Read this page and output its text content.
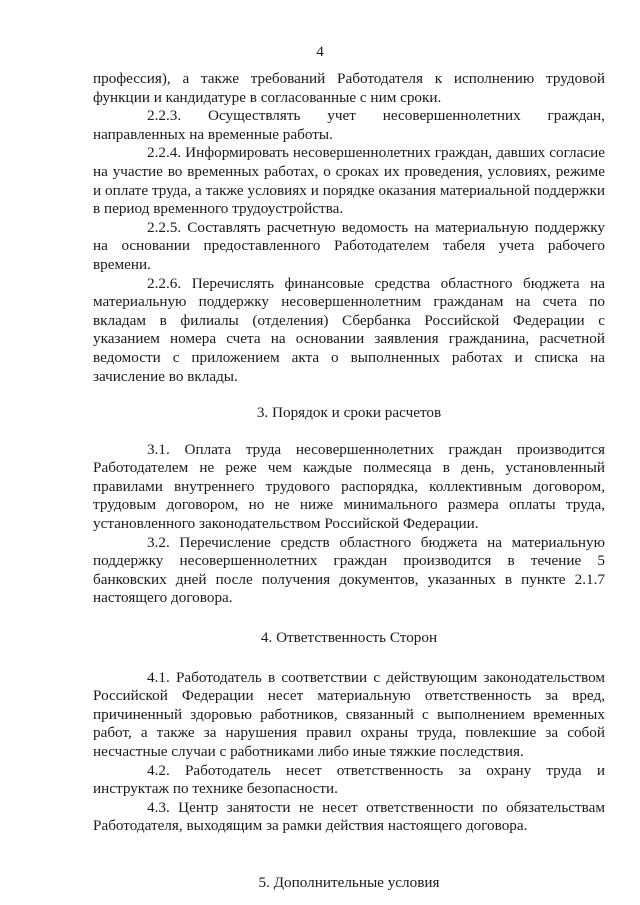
4

профессия), а также требований Работодателя к исполнению трудовой функции и кандидатуре в согласованные с ним сроки.

2.2.3. Осуществлять учет несовершеннолетних граждан,

направленных на временные работы.

2.2.4. Информировать несовершеннолетних граждан, давших согласие на участие во временных работах, о сроках их проведения, условиях, режиме и оплате труда, а также условиях и порядке оказания материальной поддержки в период временного трудоустройства.

2.2.5. Составлять расчетную ведомость на материальную поддержку на основании предоставленного Работодателем табеля учета рабочего времени.

2.2.6. Перечислять финансовые средства областного бюджета на материальную поддержку несовершеннолетним гражданам на счета по вкладам в филиалы (отделения) Сбербанка Российской Федерации с указанием номера счета на основании заявления гражданина, расчетной ведомости с приложением акта о выполненных работах и списка на зачисление во вклады.

3. Порядок и сроки расчетов

3.1. Оплата труда несовершеннолетних граждан производится Работодателем не реже чем каждые полмесяца в день, установленный правилами внутреннего трудового распорядка, коллективным договором, трудовым договором, но не ниже минимального размера оплаты труда, установленного законодательством Российской Федерации.

3.2. Перечисление средств областного бюджета на материальную поддержку несовершеннолетних граждан производится в течение 5 банковских дней после получения документов, указанных в пункте 2.1.7 настоящего договора.

4. Ответственность Сторон

4.1. Работодатель в соответствии с действующим законодательством Российской Федерации несет материальную ответственность за вред, причиненный здоровью работников, связанный с выполнением временных работ, а также за нарушения правил охраны труда, повлекшие за собой несчастные случаи с работниками либо иные тяжкие последствия.

4.2. Работодатель несет ответственность за охрану труда и инструктаж по технике безопасности.

4.3. Центр занятости не несет ответственности по обязательствам Работодателя, выходящим за рамки действия настоящего договора.

5. Дополнительные условия
